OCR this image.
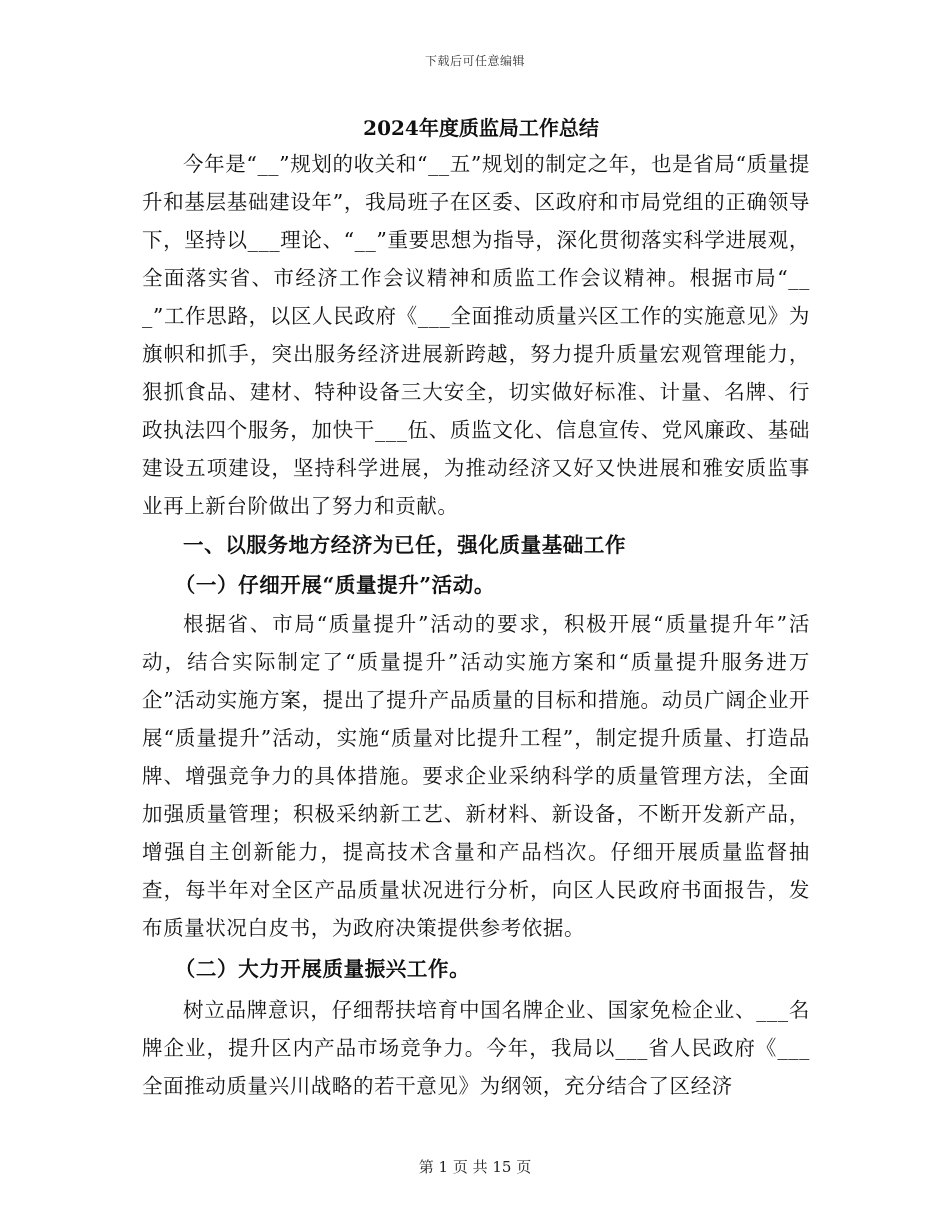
下载后可任意编辑
2024年度质监局工作总结

今年是“__”规划的收关和“__五”规划的制定之年，也是省局“质量提升和基层基础建设年”，我局班子在区委、区政府和市局党组的正确领导下，坚持以___理论、“__”重要思想为指导，深化贯彻落实科学进展观，全面落实省、市经济工作会议精神和质监工作会议精神。根据市局“___”工作思路，以区人民政府《___全面推动质量兴区工作的实施意见》为旗帜和抓手，突出服务经济进展新跨越，努力提升质量宏观管理能力，狠抓食品、建材、特种设备三大安全，切实做好标准、计量、名牌、行政执法四个服务，加快干___伍、质监文化、信息宣传、党风廉政、基础建设五项建设，坚持科学进展，为推动经济又好又快进展和雅安质监事业再上新台阶做出了努力和贡献。

一、以服务地方经济为已任，强化质量基础工作

（一）仔细开展“质量提升”活动。

根据省、市局“质量提升”活动的要求，积极开展“质量提升年”活动，结合实际制定了“质量提升”活动实施方案和“质量提升服务进万企”活动实施方案，提出了提升产品质量的目标和措施。动员广阔企业开展“质量提升”活动，实施“质量对比提升工程”，制定提升质量、打造品牌、增强竞争力的具体措施。要求企业采纳科学的质量管理方法，全面加强质量管理；积极采纳新工艺、新材料、新设备，不断开发新产品，增强自主创新能力，提高技术含量和产品档次。仔细开展质量监督抽查，每半年对全区产品质量状况进行分析，向区人民政府书面报告，发布质量状况白皮书，为政府决策提供参考依据。

（二）大力开展质量振兴工作。

树立品牌意识，仔细帮扶培育中国名牌企业、国家免检企业、___名牌企业，提升区内产品市场竞争力。今年，我局以___省人民政府《___全面推动质量兴川战略的若干意见》为纲领，充分结合了区经济

第 1 页 共 15 页
